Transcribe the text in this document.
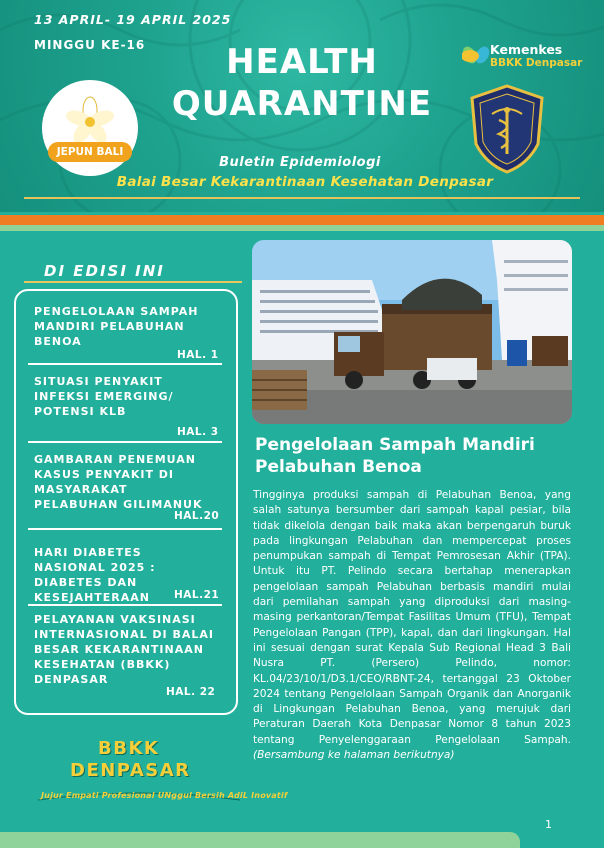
13 APRIL- 19 APRIL 2025
MINGGU KE-16
JEPUN BALI
HEALTH
QUARANTINE
Kemenkes
BBKK Denpasar
Buletin Epidemiologi
Balai Besar Kekarantinaan Kesehatan Denpasar
DI EDISI INI
PENGELOLAAN SAMPAH MANDIRI PELABUHAN BENOA
HAL. 1
SITUASI PENYAKIT INFEKSI EMERGING/ POTENSI KLB
HAL. 3
GAMBARAN PENEMUAN KASUS PENYAKIT DI MASYARAKAT PELABUHAN GILIMANUK
HAL.20
HARI DIABETES NASIONAL 2025 : DIABETES DAN KESEJAHTERAAN	HAL.21
PELAYANAN VAKSINASI INTERNASIONAL DI BALAI BESAR KEKARANTINAAN KESEHATAN (BBKK) DENPASAR
HAL. 22
BBKK
DENPASAR
Jujur Empati Profesional UNggul Bersih AdiL Inovatif
Pengelolaan Sampah Mandiri Pelabuhan Benoa
Tingginya produksi sampah di Pelabuhan Benoa, yang salah satunya bersumber dari sampah kapal pesiar, bila tidak dikelola dengan baik maka akan berpengaruh buruk pada lingkungan Pelabuhan dan mempercepat proses penumpukan sampah di Tempat Pemrosesan Akhir (TPA). Untuk itu PT. Pelindo secara bertahap menerapkan pengelolaan sampah Pelabuhan berbasis mandiri mulai dari pemilahan sampah yang diproduksi dari masing-masing perkantoran/Tempat Fasilitas Umum (TFU), Tempat Pengelolaan Pangan (TPP), kapal, dan dari lingkungan. Hal ini sesuai dengan surat Kepala Sub Regional Head 3 Bali Nusra PT. (Persero) Pelindo, nomor: KL.04/23/10/1/D3.1/CEO/RBNT-24, tertanggal 23 Oktober 2024 tentang Pengelolaan Sampah Organik dan Anorganik di Lingkungan Pelabuhan Benoa, yang merujuk dari Peraturan Daerah Kota Denpasar Nomor 8 tahun 2023 tentang Penyelenggaraan Pengelolaan Sampah. (Bersambung ke halaman berikutnya)
1
